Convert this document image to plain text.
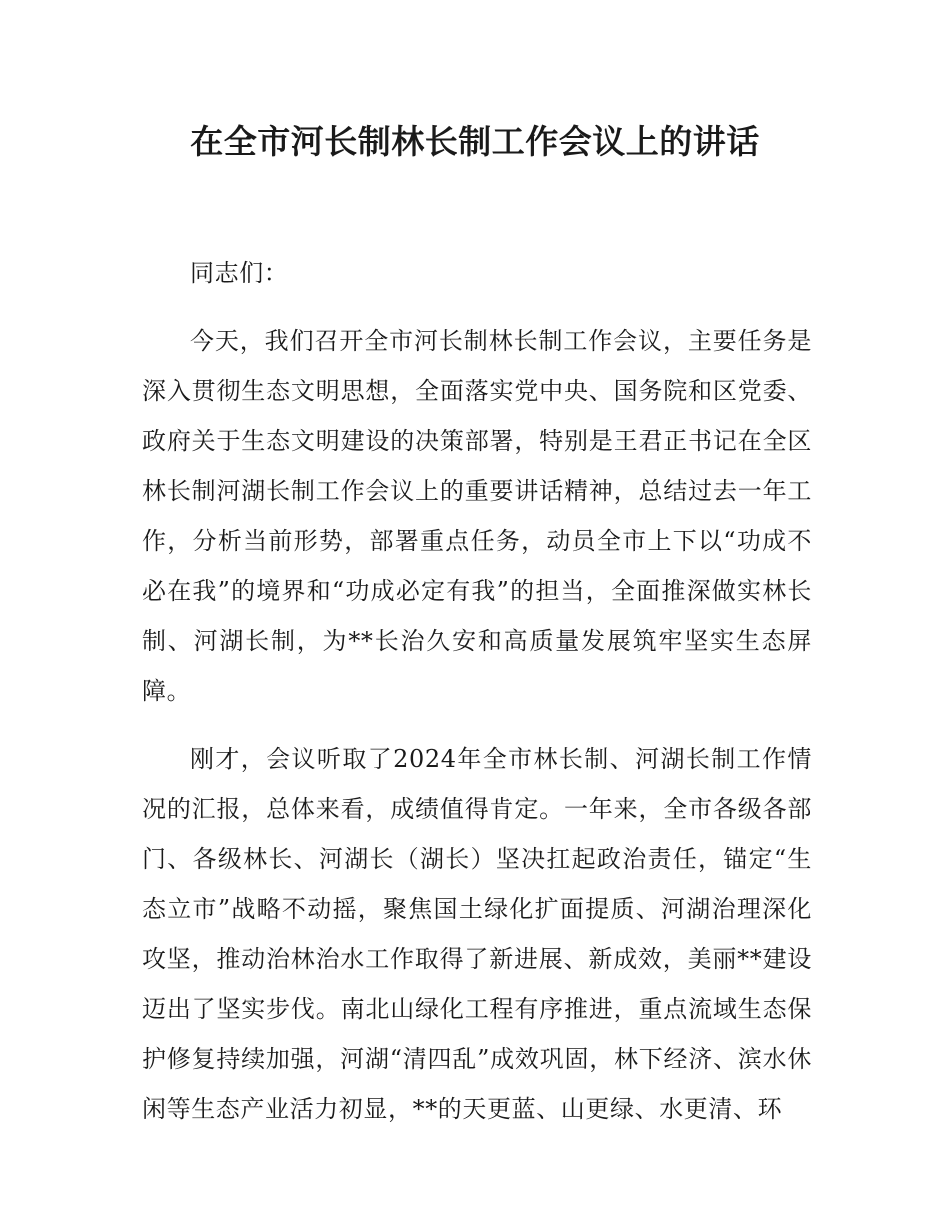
在全市河长制林长制工作会议上的讲话

同志们：

今天，我们召开全市河长制林长制工作会议，主要任务是深入贯彻生态文明思想，全面落实党中央、国务院和区党委、政府关于生态文明建设的决策部署，特别是王君正书记在全区林长制河湖长制工作会议上的重要讲话精神，总结过去一年工作，分析当前形势，部署重点任务，动员全市上下以“功成不必在我”的境界和“功成必定有我”的担当，全面推深做实林长制、河湖长制，为**长治久安和高质量发展筑牢坚实生态屏障。

刚才，会议听取了2024年全市林长制、河湖长制工作情况的汇报，总体来看，成绩值得肯定。一年来，全市各级各部门、各级林长、河湖长（湖长）坚决扛起政治责任，锚定“生态立市”战略不动摇，聚焦国土绿化扩面提质、河湖治理深化攻坚，推动治林治水工作取得了新进展、新成效，美丽**建设迈出了坚实步伐。南北山绿化工程有序推进，重点流域生态保护修复持续加强，河湖“清四乱”成效巩固，林下经济、滨水休闲等生态产业活力初显，**的天更蓝、山更绿、水更清、环
